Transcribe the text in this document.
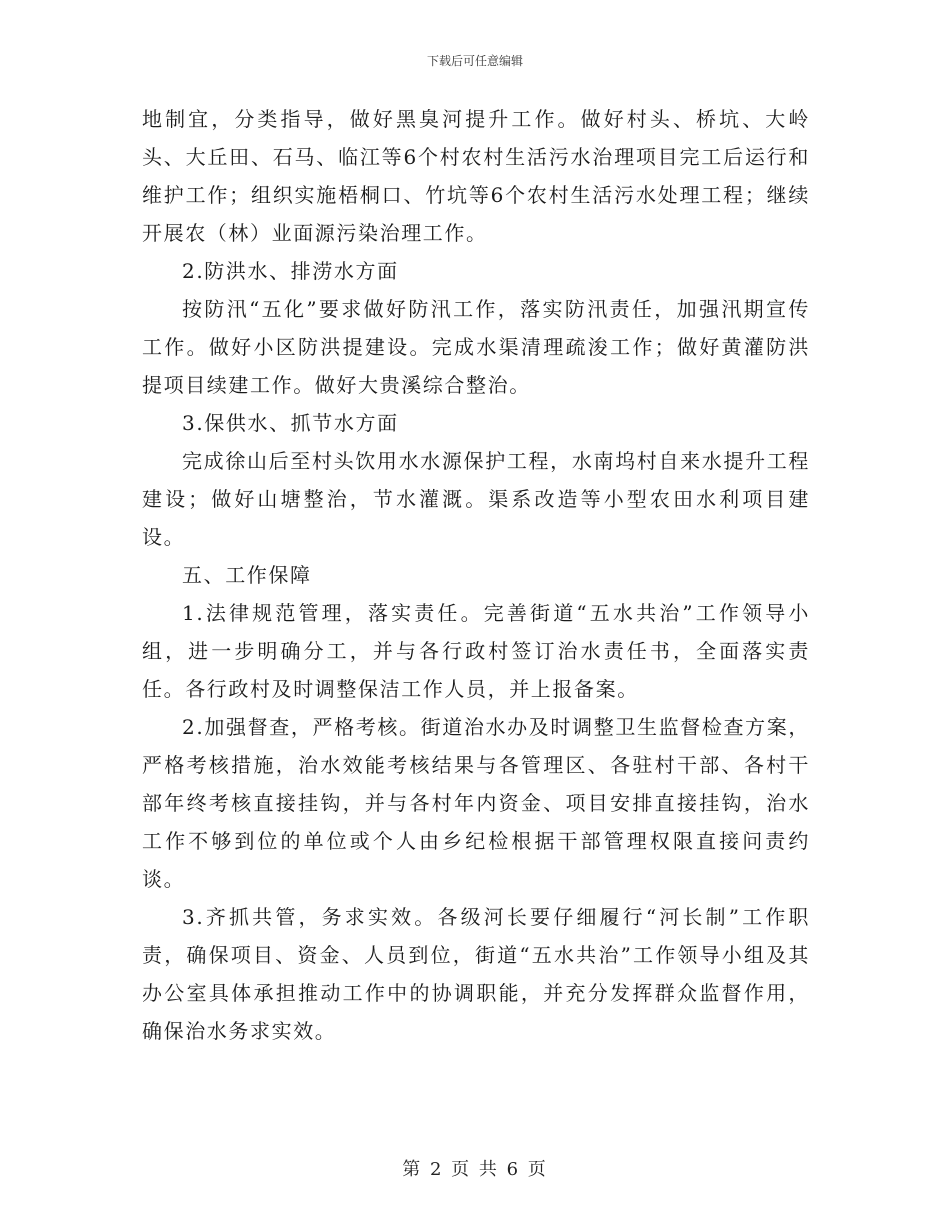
下载后可任意编辑

地制宜，分类指导，做好黑臭河提升工作。做好村头、桥坑、大岭头、大丘田、石马、临江等6个村农村生活污水治理项目完工后运行和维护工作；组织实施梧桐口、竹坑等6个农村生活污水处理工程；继续开展农（林）业面源污染治理工作。

2.防洪水、排涝水方面

按防汛“五化”要求做好防汛工作，落实防汛责任，加强汛期宣传工作。做好小区防洪提建设。完成水渠清理疏浚工作；做好黄灌防洪提项目续建工作。做好大贵溪综合整治。

3.保供水、抓节水方面

完成徐山后至村头饮用水水源保护工程，水南坞村自来水提升工程建设；做好山塘整治，节水灌溉。渠系改造等小型农田水利项目建设。

五、工作保障

1.法律规范管理，落实责任。完善街道“五水共治”工作领导小组，进一步明确分工，并与各行政村签订治水责任书，全面落实责任。各行政村及时调整保洁工作人员，并上报备案。

2.加强督查，严格考核。街道治水办及时调整卫生监督检查方案，严格考核措施，治水效能考核结果与各管理区、各驻村干部、各村干部年终考核直接挂钩，并与各村年内资金、项目安排直接挂钩，治水工作不够到位的单位或个人由乡纪检根据干部管理权限直接问责约谈。

3.齐抓共管，务求实效。各级河长要仔细履行“河长制”工作职责，确保项目、资金、人员到位，街道“五水共治”工作领导小组及其办公室具体承担推动工作中的协调职能，并充分发挥群众监督作用，确保治水务求实效。

第 2 页 共 6 页
